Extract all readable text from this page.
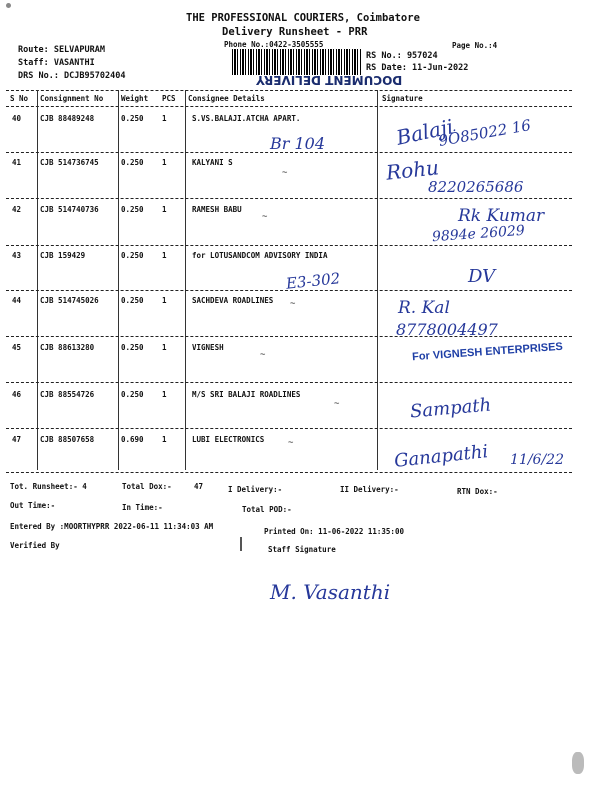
THE PROFESSIONAL COURIERS, Coimbatore
Delivery Runsheet - PRR
Phone No.:0422-3505555	Page No.:4
Route: SELVAPURAM
Staff: VASANTHI
DRS No.: DCJB95702404
RS No.: 957024
RS Date: 11-Jun-2022
DOCUMENT DELIVERY
S No Consignment No Weight PCS Consignee Details	Signature
40	CJB 88489248	0.250 1	S.VS.BALAJI.ATCHA APART.
Br 104	Balaji
9Ȯ85022 16
41	CJB 514736745	0.250 1	KALYANI S	Rohu
8220265686
42	CJB 514740736	0.250 1	RAMESH BABU	Rk Kumar
9894e 26029
43	CJB 159429	0.250 1	for LOTUSANDCOM ADVISORY INDIA
E3-302	DV
44	CJB 514745026	0.250 1	SACHDEVA ROADLINES	R. Kal
8778004497
45	CJB 88613280	0.250 1	VIGNESH	For VIGNESH ENTERPRISES
46	CJB 88554726	0.250 1	M/S SRI BALAJI ROADLINES
Sampath
47	CJB 88507658	0.690 1	LUBI ELECTRONICS
Ganapathi 11/6/22
~
~
~
~
~
~
Tot. Runsheet:- 4	Total Dox:-	47	I Delivery:-	II Delivery:-	RTN Dox:-
Out Time:-	In Time:-	Total POD:-
Entered By :MOORTHYPRR 2022-06-11 11:34:03 AM
Printed On: 11-06-2022 11:35:00
Verified By	Staff Signature
M. Vasanthi
